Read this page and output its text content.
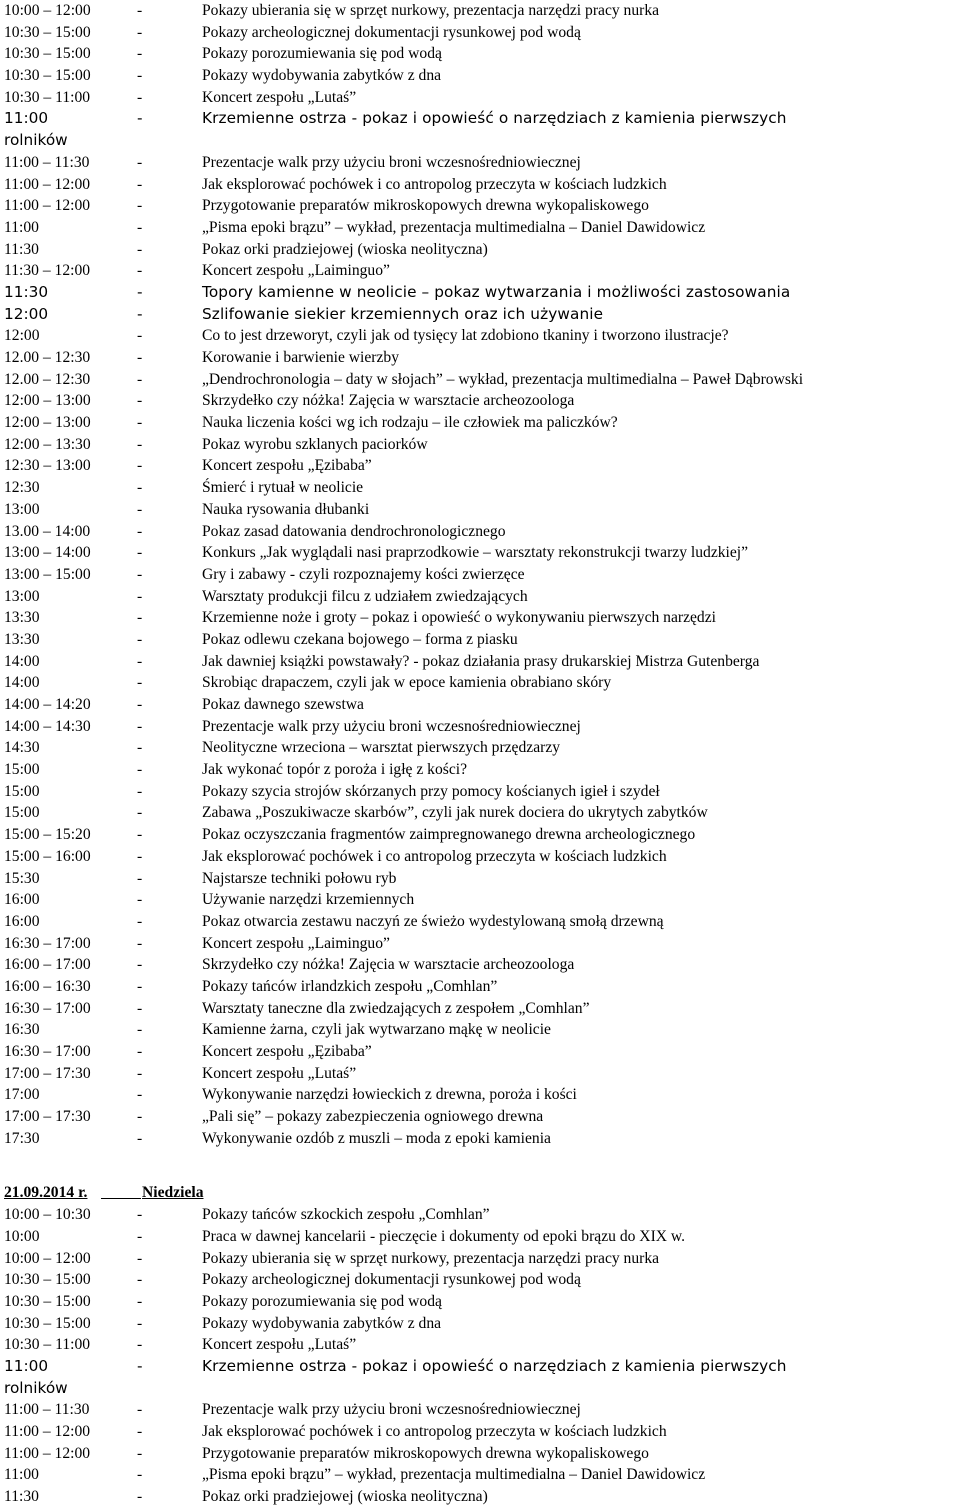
10:00 – 12:00	-	Pokazy ubierania się w sprzęt nurkowy, prezentacja narzędzi pracy nurka
10:30 – 15:00	-	Pokazy archeologicznej dokumentacji rysunkowej pod wodą
10:30 – 15:00	-	Pokazy porozumiewania się pod wodą
10:30 – 15:00	-	Pokazy wydobywania zabytków z dna
10:30 – 11:00	-	Koncert zespołu „Lutaś”
11:00	-	Krzemienne ostrza - pokaz i opowieść o narzędziach z kamienia pierwszych
rolników
11:00 – 11:30	-	Prezentacje walk przy użyciu broni wczesnośredniowiecznej
11:00 – 12:00	-	Jak eksplorować pochówek i co antropolog przeczyta w kościach ludzkich
11:00 – 12:00	-	Przygotowanie preparatów mikroskopowych drewna wykopaliskowego
11:00	-	„Pisma epoki brązu” – wykład, prezentacja multimedialna – Daniel Dawidowicz
11:30	-	Pokaz orki pradziejowej (wioska neolityczna)
11:30 – 12:00	-	Koncert zespołu „Laiminguo”
11:30	-	Topory kamienne w neolicie – pokaz wytwarzania i możliwości zastosowania
12:00	-	Szlifowanie siekier krzemiennych oraz ich używanie
12:00	-	Co to jest drzeworyt, czyli jak od tysięcy lat zdobiono tkaniny i tworzono ilustracje?
12.00 – 12:30	-	Korowanie i barwienie wierzby
12.00 – 12:30	-	„Dendrochronologia – daty w słojach” – wykład, prezentacja multimedialna – Paweł Dąbrowski
12:00 – 13:00	-	Skrzydełko czy nóżka! Zajęcia w warsztacie archeozoologa
12:00 – 13:00	-	Nauka liczenia kości wg ich rodzaju – ile człowiek ma paliczków?
12:00 – 13:30	-	Pokaz wyrobu szklanych paciorków
12:30 – 13:00	-	Koncert zespołu „Ęzibaba”
12:30	-	Śmierć i rytuał w neolicie
13:00	-	Nauka rysowania dłubanki
13.00 – 14:00	-	Pokaz zasad datowania dendrochronologicznego
13:00 – 14:00	-	Konkurs „Jak wyglądali nasi praprzodkowie – warsztaty rekonstrukcji twarzy ludzkiej”
13:00 – 15:00	-	Gry i zabawy - czyli rozpoznajemy kości zwierzęce
13:00	-	Warsztaty produkcji filcu z udziałem zwiedzających
13:30	-	Krzemienne noże i groty – pokaz i opowieść o wykonywaniu pierwszych narzędzi
13:30	-	Pokaz odlewu czekana bojowego – forma z piasku
14:00	-	Jak dawniej książki powstawały? - pokaz działania prasy drukarskiej Mistrza Gutenberga
14:00	-	Skrobiąc drapaczem, czyli jak w epoce kamienia obrabiano skóry
14:00 – 14:20	-	Pokaz dawnego szewstwa
14:00 – 14:30	-	Prezentacje walk przy użyciu broni wczesnośredniowiecznej
14:30	-	Neolityczne wrzeciona – warsztat pierwszych przędzarzy
15:00	-	Jak wykonać topór z poroża i igłę z kości?
15:00	-	Pokazy szycia strojów skórzanych przy pomocy kościanych igieł i szydeł
15:00	-	Zabawa „Poszukiwacze skarbów”, czyli jak nurek dociera do ukrytych zabytków
15:00 – 15:20	-	Pokaz oczyszczania fragmentów zaimpregnowanego drewna archeologicznego
15:00 – 16:00	-	Jak eksplorować pochówek i co antropolog przeczyta w kościach ludzkich
15:30	-	Najstarsze techniki połowu ryb
16:00	-	Używanie narzędzi krzemiennych
16:00	-	Pokaz otwarcia zestawu naczyń ze świeżo wydestylowaną smołą drzewną
16:30 – 17:00	-	Koncert zespołu „Laiminguo”
16:00 – 17:00	-	Skrzydełko czy nóżka! Zajęcia w warsztacie archeozoologa
16:00 – 16:30	-	Pokazy tańców irlandzkich zespołu „Comhlan”
16:30 – 17:00	-	Warsztaty taneczne dla zwiedzających z zespołem „Comhlan”
16:30	-	Kamienne żarna, czyli jak wytwarzano mąkę w neolicie
16:30 – 17:00	-	Koncert zespołu „Ęzibaba”
17:00 – 17:30	-	Koncert zespołu „Lutaś”
17:00	-	Wykonywanie narzędzi łowieckich z drewna, poroża i kości
17:00 – 17:30	-	„Pali się” – pokazy zabezpieczenia ogniowego drewna
17:30	-	Wykonywanie ozdób z muszli – moda z epoki kamienia
21.09.2014 r.	Niedziela
10:00 – 10:30	-	Pokazy tańców szkockich zespołu „Comhlan”
10:00	-	Praca w dawnej kancelarii - pieczęcie i dokumenty od epoki brązu do XIX w.
10:00 – 12:00	-	Pokazy ubierania się w sprzęt nurkowy, prezentacja narzędzi pracy nurka
10:30 – 15:00	-	Pokazy archeologicznej dokumentacji rysunkowej pod wodą
10:30 – 15:00	-	Pokazy porozumiewania się pod wodą
10:30 – 15:00	-	Pokazy wydobywania zabytków z dna
10:30 – 11:00	-	Koncert zespołu „Lutaś”
11:00	-	Krzemienne ostrza - pokaz i opowieść o narzędziach z kamienia pierwszych
rolników
11:00 – 11:30	-	Prezentacje walk przy użyciu broni wczesnośredniowiecznej
11:00 – 12:00	-	Jak eksplorować pochówek i co antropolog przeczyta w kościach ludzkich
11:00 – 12:00	-	Przygotowanie preparatów mikroskopowych drewna wykopaliskowego
11:00	-	„Pisma epoki brązu” – wykład, prezentacja multimedialna – Daniel Dawidowicz
11:30	-	Pokaz orki pradziejowej (wioska neolityczna)
